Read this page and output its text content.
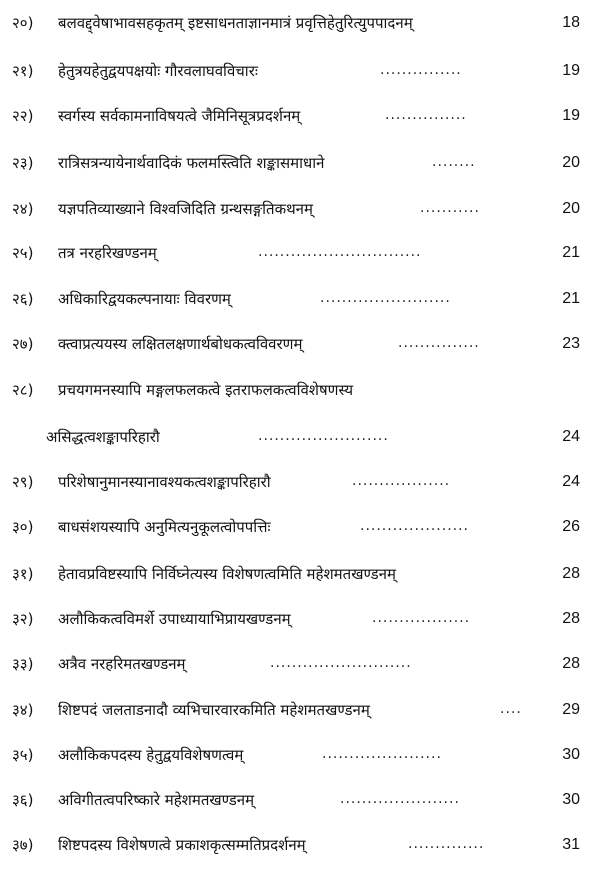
२०) बलवद्द्वेषाभावसहकृतम् इष्टसाधनताज्ञानमात्रं प्रवृत्तिहेतुरित्युपपादनम्	18
२१) हेतुत्रयहेतुद्वयपक्षयोः गौरवलाघवविचारः	...............	19
२२) स्वर्गस्य सर्वकामनाविषयत्वे जैमिनिसूत्रप्रदर्शनम्	...............	19
२३) रात्रिसत्रन्यायेनार्थवादिकं फलमस्त्विति शङ्कासमाधाने	........	20
२४) यज्ञपतिव्याख्याने विश्वजिदिति ग्रन्थसङ्गतिकथनम्	...........	20
२५) तत्र नरहरिखण्डनम्	..............................	21
२६) अधिकारिद्वयकल्पनायाः विवरणम्	........................	21
२७) क्त्वाप्रत्ययस्य लक्षितलक्षणार्थबोधकत्वविवरणम्	...............	23
२८) प्रचयगमनस्यापि मङ्गलफलकत्वे इतराफलकत्वविशेषणस्य
असिद्धत्वशङ्कापरिहारौ	........................	24
२९) परिशेषानुमानस्यानावश्यकत्वशङ्कापरिहारौ	..................	24
३०) बाधसंशयस्यापि अनुमित्यनुकूलत्वोपपत्तिः	....................	26
३१) हेतावप्रविष्टस्यापि निर्विघ्नेत्यस्य विशेषणत्वमिति महेशमतखण्डनम्	28
३२) अलौकिकत्वविमर्शे उपाध्यायाभिप्रायखण्डनम्	..................	28
३३) अत्रैव नरहरिमतखण्डनम्	..........................	28
३४) शिष्टपदं जलताडनादौ व्यभिचारवारकमिति महेशमतखण्डनम्	....	29
३५) अलौकिकपदस्य हेतुद्वयविशेषणत्वम्	......................	30
३६) अविगीतत्वपरिष्कारे महेशमतखण्डनम्	......................	30
३७) शिष्टपदस्य विशेषणत्वे प्रकाशकृत्सम्मतिप्रदर्शनम्	..............	31
